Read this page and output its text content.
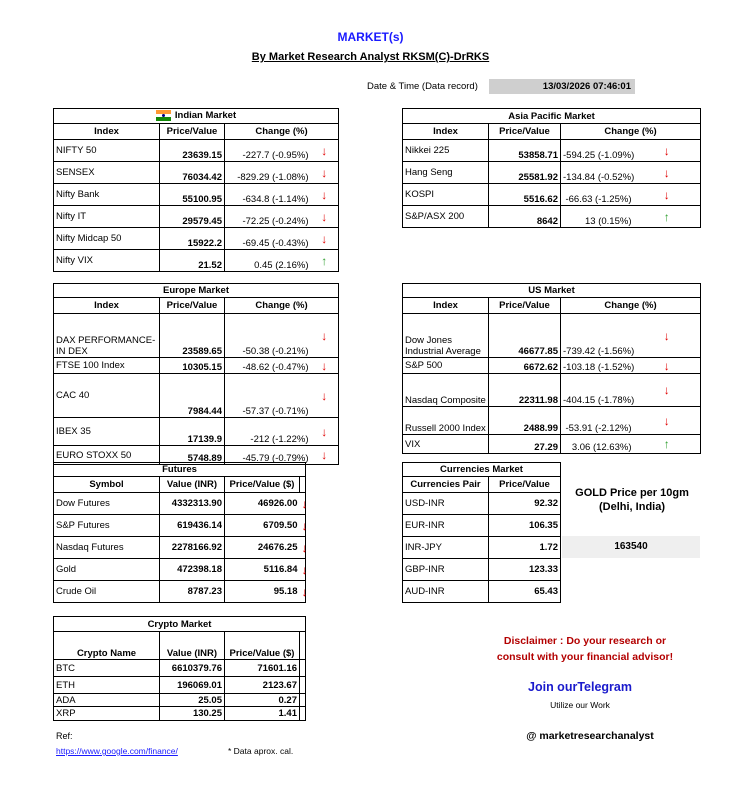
MARKET(s)
By Market Research Analyst RKSM(C)-DrRKS
Date & Time (Data record)	13/03/2026 07:46:01
Indian Market			
Index	Price/Value	Change (%)	
NIFTY 50	23639.15	-227.7 (-0.95%)	↓
SENSEX	76034.42	-829.29 (-1.08%)	↓
Nifty Bank	55100.95	-634.8 (-1.14%)	↓
Nifty IT	29579.45	-72.25 (-0.24%)	↓
Nifty Midcap 50	15922.2	-69.45 (-0.43%)	↓
Nifty VIX	21.52	0.45 (2.16%)	↑
Asia Pacific Market			
Index	Price/Value	Change (%)	
Nikkei 225	53858.71	-594.25 (-1.09%)	↓
Hang Seng	25581.92	-134.84 (-0.52%)	↓
KOSPI	5516.62	-66.63 (-1.25%)	↓
S&P/ASX 200	8642	13 (0.15%)	↑
Europe Market			
Index	Price/Value	Change (%)	
DAX PERFORMANCE-IN DEX	23589.65	-50.38 (-0.21%)	↓
FTSE 100 Index	10305.15	-48.62 (-0.47%)	↓
CAC 40	7984.44	-57.37 (-0.71%)	↓
IBEX 35	17139.9	-212 (-1.22%)	↓
EURO STOXX 50	5748.89	-45.79 (-0.79%)	↓
US Market			
Index	Price/Value	Change (%)	
Dow Jones Industrial Average	46677.85	-739.42 (-1.56%)	↓
S&P 500	6672.62	-103.18 (-1.52%)	↓
Nasdaq Composite	22311.98	-404.15 (-1.78%)	↓
Russell 2000 Index	2488.99	-53.91 (-2.12%)	↓
VIX	27.29	3.06 (12.63%)	↑
Futures			
Symbol	Value (INR)	Price/Value ($)	
Dow Futures	4332313.90	46926.00	↓
S&P Futures	619436.14	6709.50	↓
Nasdaq Futures	2278166.92	24676.25	↓
Gold	472398.18	5116.84	↓
Crude Oil	8787.23	95.18	↓
Currencies Market	
Currencies Pair	Price/Value
USD-INR	92.32
EUR-INR	106.35
INR-JPY	1.72
GBP-INR	123.33
AUD-INR	65.43
GOLD Price per 10gm
(Delhi, India)
163540
Crypto Market			
Crypto Name	Value (INR)	Price/Value ($)	
BTC	6610379.76	71601.16	
ETH	196069.01	2123.67	
ADA	25.05	0.27	
XRP	130.25	1.41	
Disclaimer : Do your research or
consult with your financial advisor!
Join ourTelegram
Utilize our Work
@ marketresearchanalyst
Ref:
https://www.google.com/finance/	* Data aprox. cal.
